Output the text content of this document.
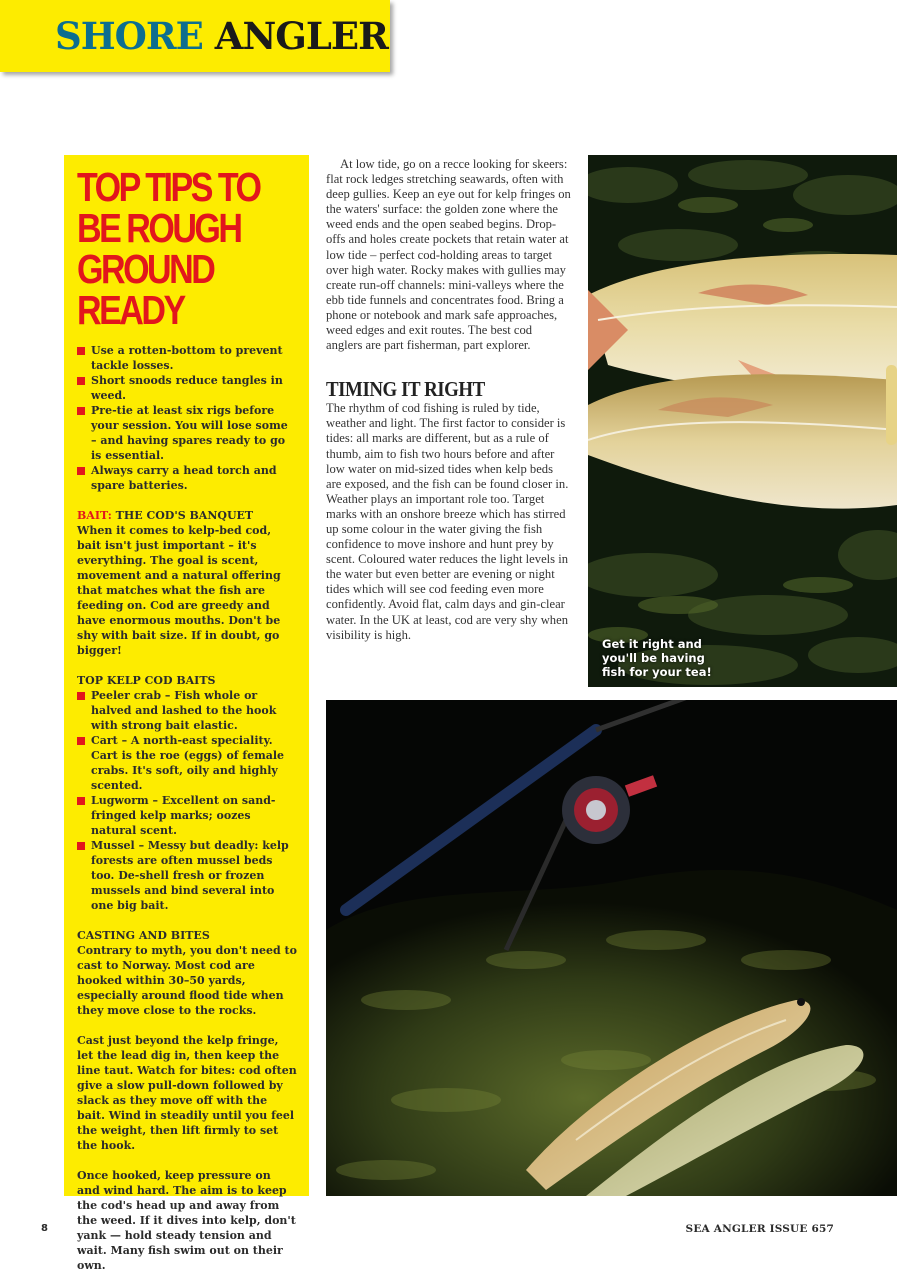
SHORE ANGLER
TOP TIPS TO BE ROUGH GROUND READY
Use a rotten-bottom to prevent tackle losses.
Short snoods reduce tangles in weed.
Pre-tie at least six rigs before your session. You will lose some – and having spares ready to go is essential.
Always carry a head torch and spare batteries.
BAIT: THE COD'S BANQUET

When it comes to kelp-bed cod, bait isn't just important – it's everything. The goal is scent, movement and a natural offering that matches what the fish are feeding on. Cod are greedy and have enormous mouths. Don't be shy with bait size. If in doubt, go bigger!

TOP KELP COD BAITS
Peeler crab – Fish whole or halved and lashed to the hook with strong bait elastic.
Cart – A north-east speciality. Cart is the roe (eggs) of female crabs. It's soft, oily and highly scented.
Lugworm – Excellent on sand-fringed kelp marks; oozes natural scent.
Mussel – Messy but deadly: kelp forests are often mussel beds too. De-shell fresh or frozen mussels and bind several into one big bait.
CASTING AND BITES

Contrary to myth, you don't need to cast to Norway. Most cod are hooked within 30–50 yards, especially around flood tide when they move close to the rocks.

Cast just beyond the kelp fringe, let the lead dig in, then keep the line taut. Watch for bites: cod often give a slow pull-down followed by slack as they move off with the bait. Wind in steadily until you feel the weight, then lift firmly to set the hook.

Once hooked, keep pressure on and wind hard. The aim is to keep the cod's head up and away from the weed. If it dives into kelp, don't yank — hold steady tension and wait. Many fish swim out on their own.

At low tide, go on a recce looking for skeers: flat rock ledges stretching seawards, often with deep gullies. Keep an eye out for kelp fringes on the waters' surface: the golden zone where the weed ends and the open seabed begins. Drop-offs and holes create pockets that retain water at low tide – perfect cod-holding areas to target over high water. Rocky makes with gullies may create run-off channels: mini-valleys where the ebb tide funnels and concentrates food. Bring a phone or notebook and mark safe approaches, weed edges and exit routes. The best cod anglers are part fisherman, part explorer.

TIMING IT RIGHT

The rhythm of cod fishing is ruled by tide, weather and light. The first factor to consider is tides: all marks are different, but as a rule of thumb, aim to fish two hours before and after low water on mid-sized tides when kelp beds are exposed, and the fish can be found closer in. Weather plays an important role too. Target marks with an onshore breeze which has stirred up some colour in the water giving the fish confidence to move inshore and hunt prey by scent. Coloured water reduces the light levels in the water but even better are evening or night tides which will see cod feeding even more confidently. Avoid flat, calm days and gin-clear water. In the UK at least, cod are very shy when visibility is high.

Get it right and you'll be having fish for your tea!
8	SEA ANGLER ISSUE 657
